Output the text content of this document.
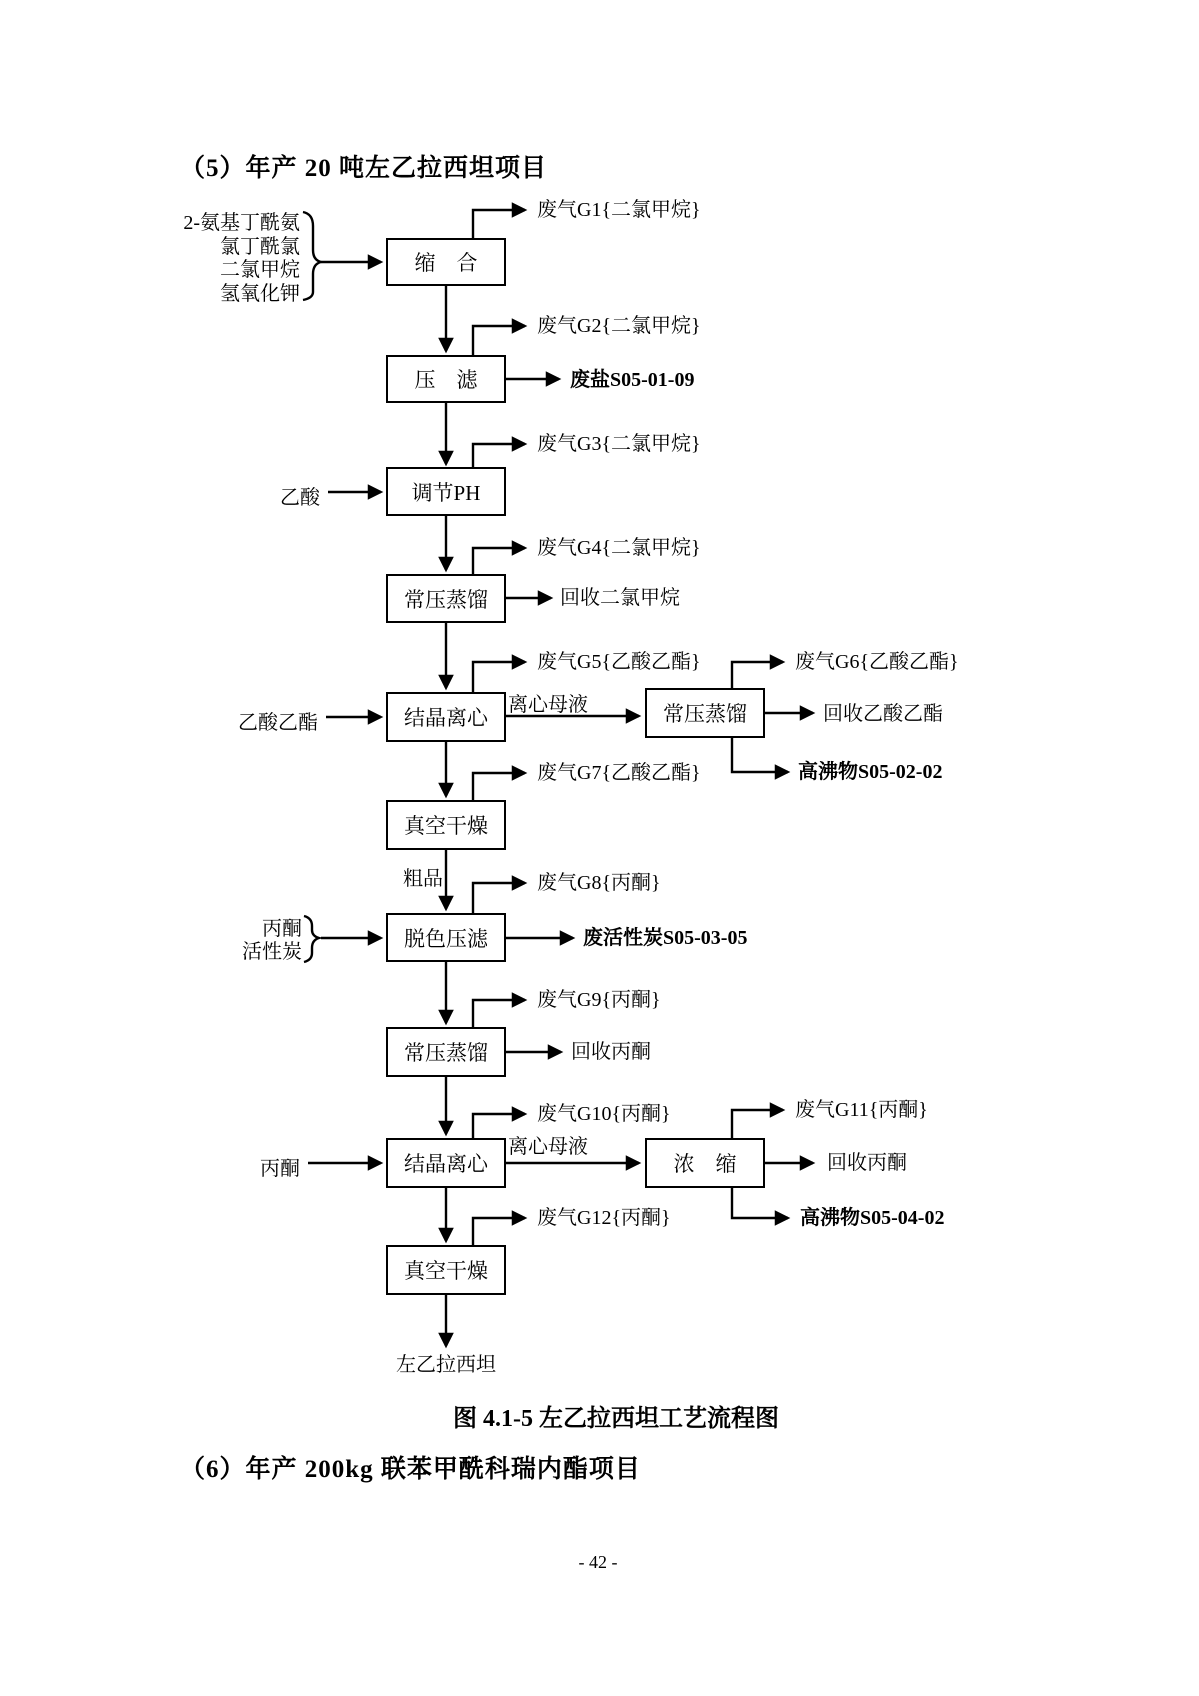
（5）年产 20 吨左乙拉西坦项目
缩　合
压　滤
调节PH
常压蒸馏
结晶离心
真空干燥
脱色压滤
常压蒸馏
结晶离心
真空干燥
常压蒸馏
浓　缩
2-氨基丁酰氨
氯丁酰氯
二氯甲烷
氢氧化钾
乙酸
乙酸乙酯
丙酮
活性炭
丙酮
废气G1{二氯甲烷}
废气G2{二氯甲烷}
废气G3{二氯甲烷}
废气G4{二氯甲烷}
废气G5{乙酸乙酯}	废气G6{乙酸乙酯}
废气G7{乙酸乙酯}
废气G8{丙酮}
废气G9{丙酮}
废气G10{丙酮}	废气G11{丙酮}
废气G12{丙酮}
废盐S05-01-09
回收二氯甲烷
回收乙酸乙酯
高沸物S05-02-02
废活性炭S05-03-05
回收丙酮
回收丙酮
高沸物S05-04-02
左乙拉西坦
离心母液
粗品
离心母液
图 4.1-5 左乙拉西坦工艺流程图
（6）年产 200kg 联苯甲酰科瑞内酯项目
- 42 -
